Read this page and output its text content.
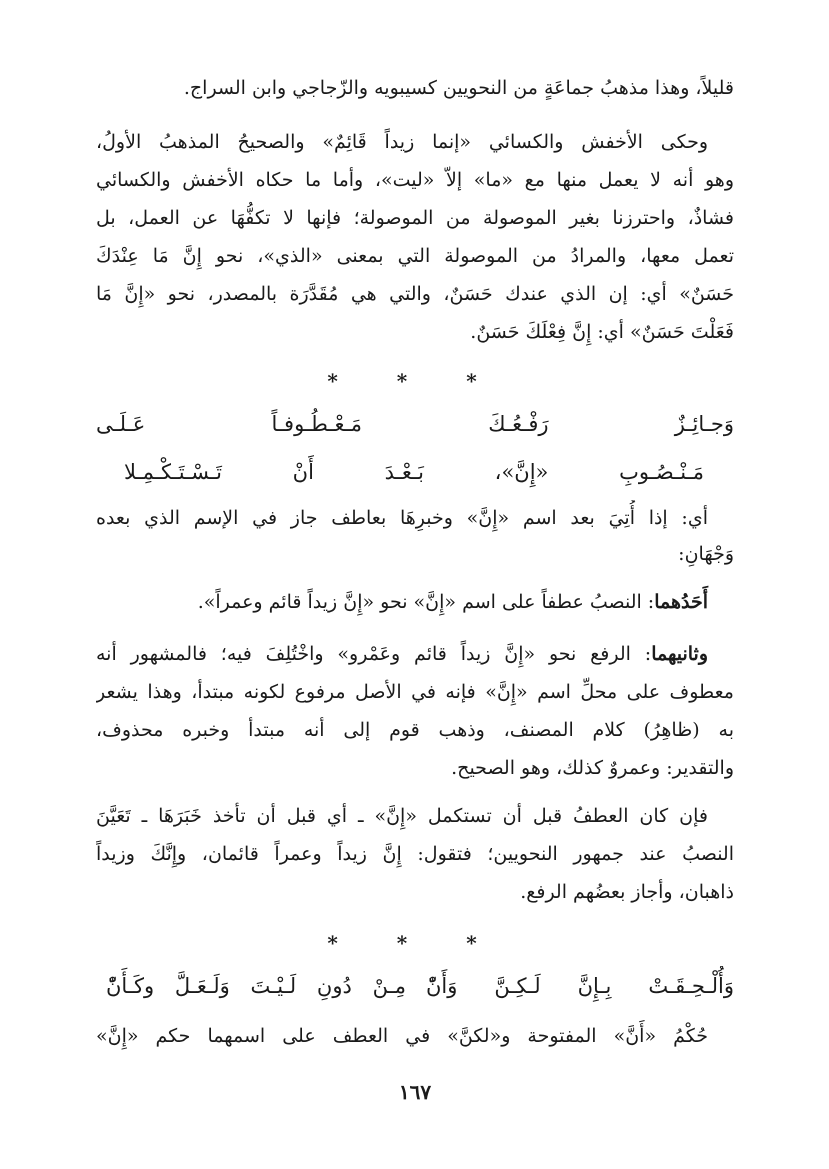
قليلاً، وهذا مذهبُ جماعَةٍ من النحويين كسيبويه والزّجاجي وابن السراج.
وحكى الأخفش والكسائي «إنما زيداً قَائِمٌ» والصحيحُ المذهبُ الأولُ،
وهو أنه لا يعمل منها مع «ما» إلاّ «ليت»، وأما ما حكاه الأخفش والكسائي
فشاذٌ، واحترزنا بغير الموصولة من الموصولة؛ فإنها لا تكفُّهَا عن العمل، بل
تعمل معها، والمرادُ من الموصولة التي بمعنى «الذي»، نحو إِنَّ مَا عِنْدَكَ
حَسَنٌ» أي: إن الذي عندك حَسَنٌ، والتي هي مُقَدَّرَة بالمصدر، نحو «إِنَّ مَا
فَعَلْتَ حَسَنٌ» أي: إِنَّ فِعْلَكَ حَسَنٌ.
* * *
وَجـائِـزٌ رَفْـعُـكَ مَـعْـطُـوفـاً عَـلَـى
مَـنْـصُـوبِ «إِنَّ»، بَـعْـدَ أَنْ تَـسْـتَـكْـمِـلا
أي: إذا أُتِيَ بعد اسم «إِنَّ» وخبرِهَا بعاطف جاز في الإسم الذي بعده
وَجْهَانِ:
أَحَدُهما: النصبُ عطفاً على اسم «إِنَّ» نحو «إِنَّ زيداً قائم وعمراً».
وثانيهما: الرفع نحو «إِنَّ زيداً قائم وعَمْرو» واخْتُلِفَ فيه؛ فالمشهور أنه
معطوف على محلِّ اسم «إِنَّ» فإنه في الأصل مرفوع لكونه مبتدأ، وهذا يشعر
به (ظاهِرُ) كلام المصنف، وذهب قوم إلى أنه مبتدأ وخبره محذوف،
والتقدير: وعمروٌ كذلك، وهو الصحيح.
فإن كان العطفُ قبل أن تستكمل «إِنَّ» ـ أي قبل أن تأخذ خَبَرَهَا ـ تَعَيَّنَ
النصبُ عند جمهور النحويين؛ فتقول: إِنَّ زيداً وعمراً قائمان، وإِنَّكَ وزيداً
ذاهبان، وأجاز بعضُهم الرفع.
* * *
وَأُلْـحِـقَـتْ بِـإِنَّ لَـكِـنَّ وَأَنّْ
مِـنْ دُونِ لَـيْـتَ وَلَـعَـلَّ وكَـأَنّْ
حُكْمُ «أَنَّ» المفتوحة و«لكنَّ» في العطف على اسمهما حكم «إِنَّ»
١٦٧
